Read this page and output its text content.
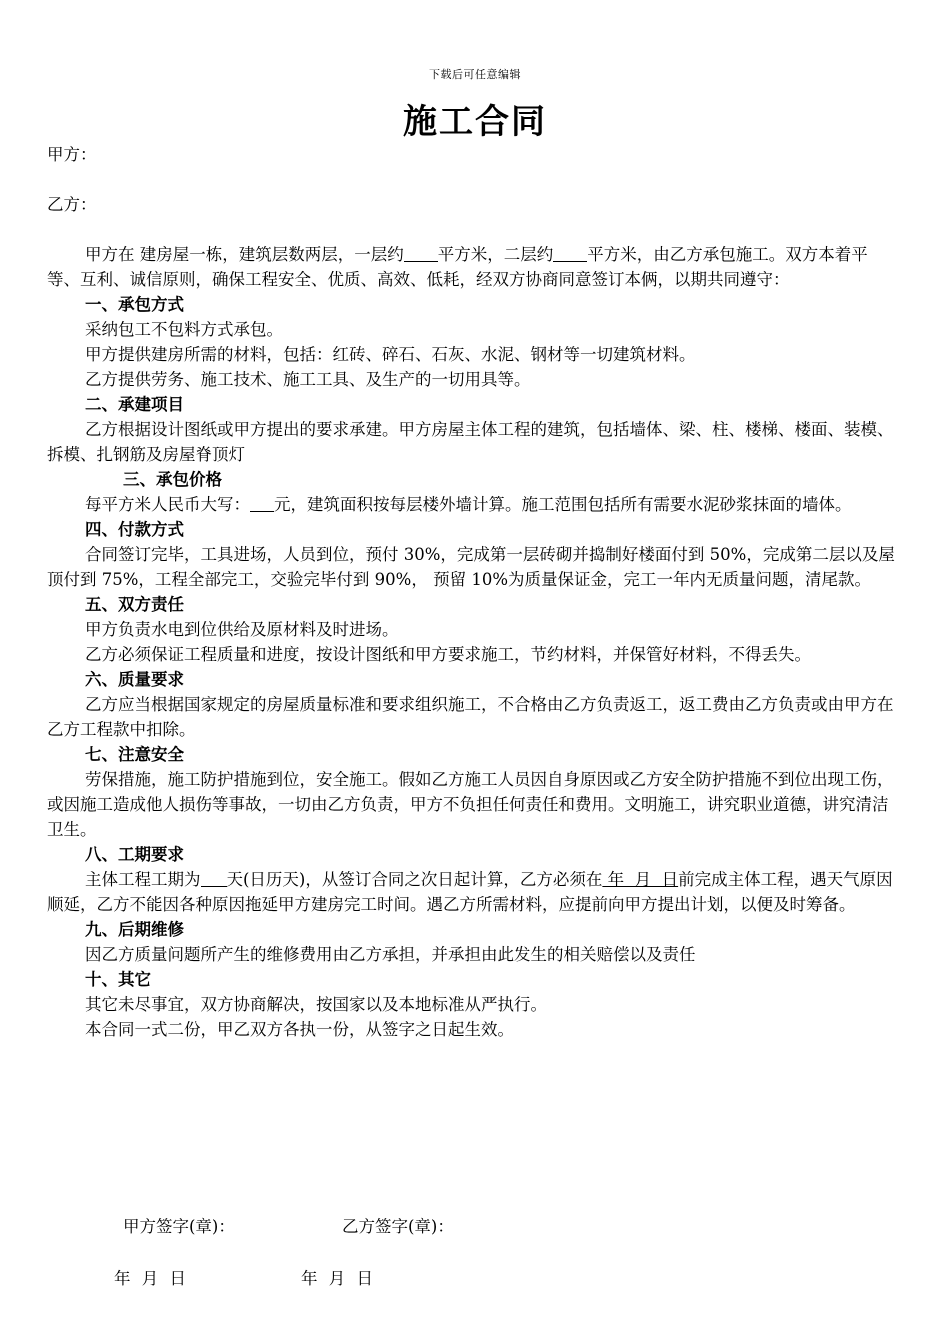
下载后可任意编辑
施工合同

甲方：

乙方：

甲方在 建房屋一栋，建筑层数两层，一层约 平方米，二层约 平方米，由乙方承包施工。双方本着平等、互利、诚信原则，确保工程安全、优质、高效、低耗，经双方协商同意签订本俩，以期共同遵守：

一、承包方式

采纳包工不包料方式承包。

甲方提供建房所需的材料，包括：红砖、碎石、石灰、水泥、钢材等一切建筑材料。

乙方提供劳务、施工技术、施工工具、及生产的一切用具等。

二、承建项目

乙方根据设计图纸或甲方提出的要求承建。甲方房屋主体工程的建筑，包括墙体、梁、柱、楼梯、楼面、装模、拆模、扎钢筋及房屋脊顶灯

三、承包价格

每平方米人民币大写： 元，建筑面积按每层楼外墙计算。施工范围包括所有需要水泥砂浆抹面的墙体。

四、付款方式

合同签订完毕，工具进场，人员到位，预付 30%，完成第一层砖砌并捣制好楼面付到 50%，完成第二层以及屋顶付到 75%，工程全部完工，交验完毕付到 90%， 预留 10%为质量保证金，完工一年内无质量问题，清尾款。

五、双方责任

甲方负责水电到位供给及原材料及时进场。

乙方必须保证工程质量和进度，按设计图纸和甲方要求施工，节约材料，并保管好材料，不得丢失。

六、质量要求

乙方应当根据国家规定的房屋质量标准和要求组织施工，不合格由乙方负责返工，返工费由乙方负责或由甲方在乙方工程款中扣除。

七、注意安全

劳保措施，施工防护措施到位，安全施工。假如乙方施工人员因自身原因或乙方安全防护措施不到位出现工伤，或因施工造成他人损伤等事故，一切由乙方负责，甲方不负担任何责任和费用。文明施工，讲究职业道德，讲究清洁卫生。

八、工期要求

主体工程工期为 天(日历天)，从签订合同之次日起计算，乙方必须在 年  月  日前完成主体工程，遇天气原因顺延，乙方不能因各种原因拖延甲方建房完工时间。遇乙方所需材料，应提前向甲方提出计划，以便及时筹备。

九、后期维修

因乙方质量问题所产生的维修费用由乙方承担，并承担由此发生的相关赔偿以及责任

十、其它

其它未尽事宜，双方协商解决，按国家以及本地标准从严执行。

本合同一式二份，甲乙双方各执一份，从签字之日起生效。

甲方签字(章)：	乙方签字(章)：
年 月 日	年 月 日
